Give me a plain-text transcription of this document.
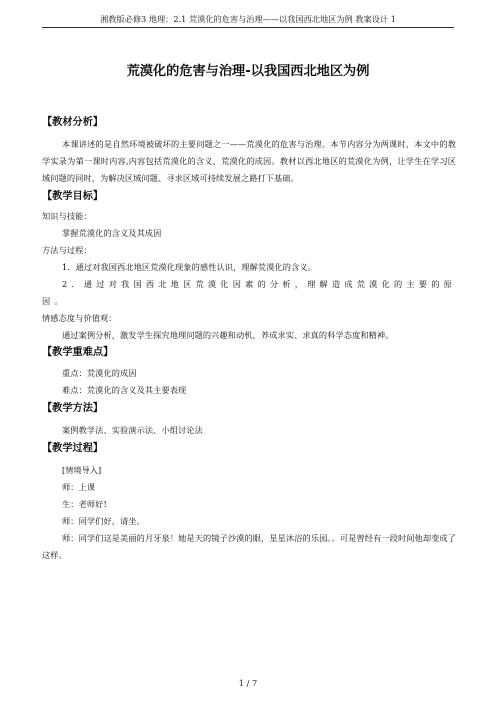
湘教版必修3 地理：2.1 荒漠化的危害与治理——以我国西北地区为例 教案设计 1
荒漠化的危害与治理-以我国西北地区为例

【教材分析】

本课讲述的是自然环境被破坏的主要问题之一——荒漠化的危害与治理。本节内容分为两课时，本文中的教学实录为第一课时内容,内容包括荒漠化的含义、荒漠化的成因。教材以西北地区的荒漠化为例，让学生在学习区域问题的同时，为解决区域问题、寻求区域可持续发展之路打下基础。

【教学目标】

知识与技能：

掌握荒漠化的含义及其成因

方法与过程：

1．通过对我国西北地区荒漠化现象的感性认识，理解荒漠化的含义。

2．通过对我国西北地区荒漠化因素的分析，理解造成荒漠化的主要的原因。

情感态度与价值观：

通过案例分析，激发学生探究地理问题的兴趣和动机，养成求实、求真的科学态度和精神。

【教学重难点】

重点：荒漠化的成因

难点：荒漠化的含义及其主要表现

【教学方法】

案例教学法、实验演示法、小组讨论法

【教学过程】

[情境导入]

师：上课

生：老师好!

师：同学们好，请坐。

师：同学们这是美丽的月牙泉！她是天的镜子沙漠的眼，星星沐浴的乐园。。可是曾经有一段时间他却变成了这样。

1 / 7
